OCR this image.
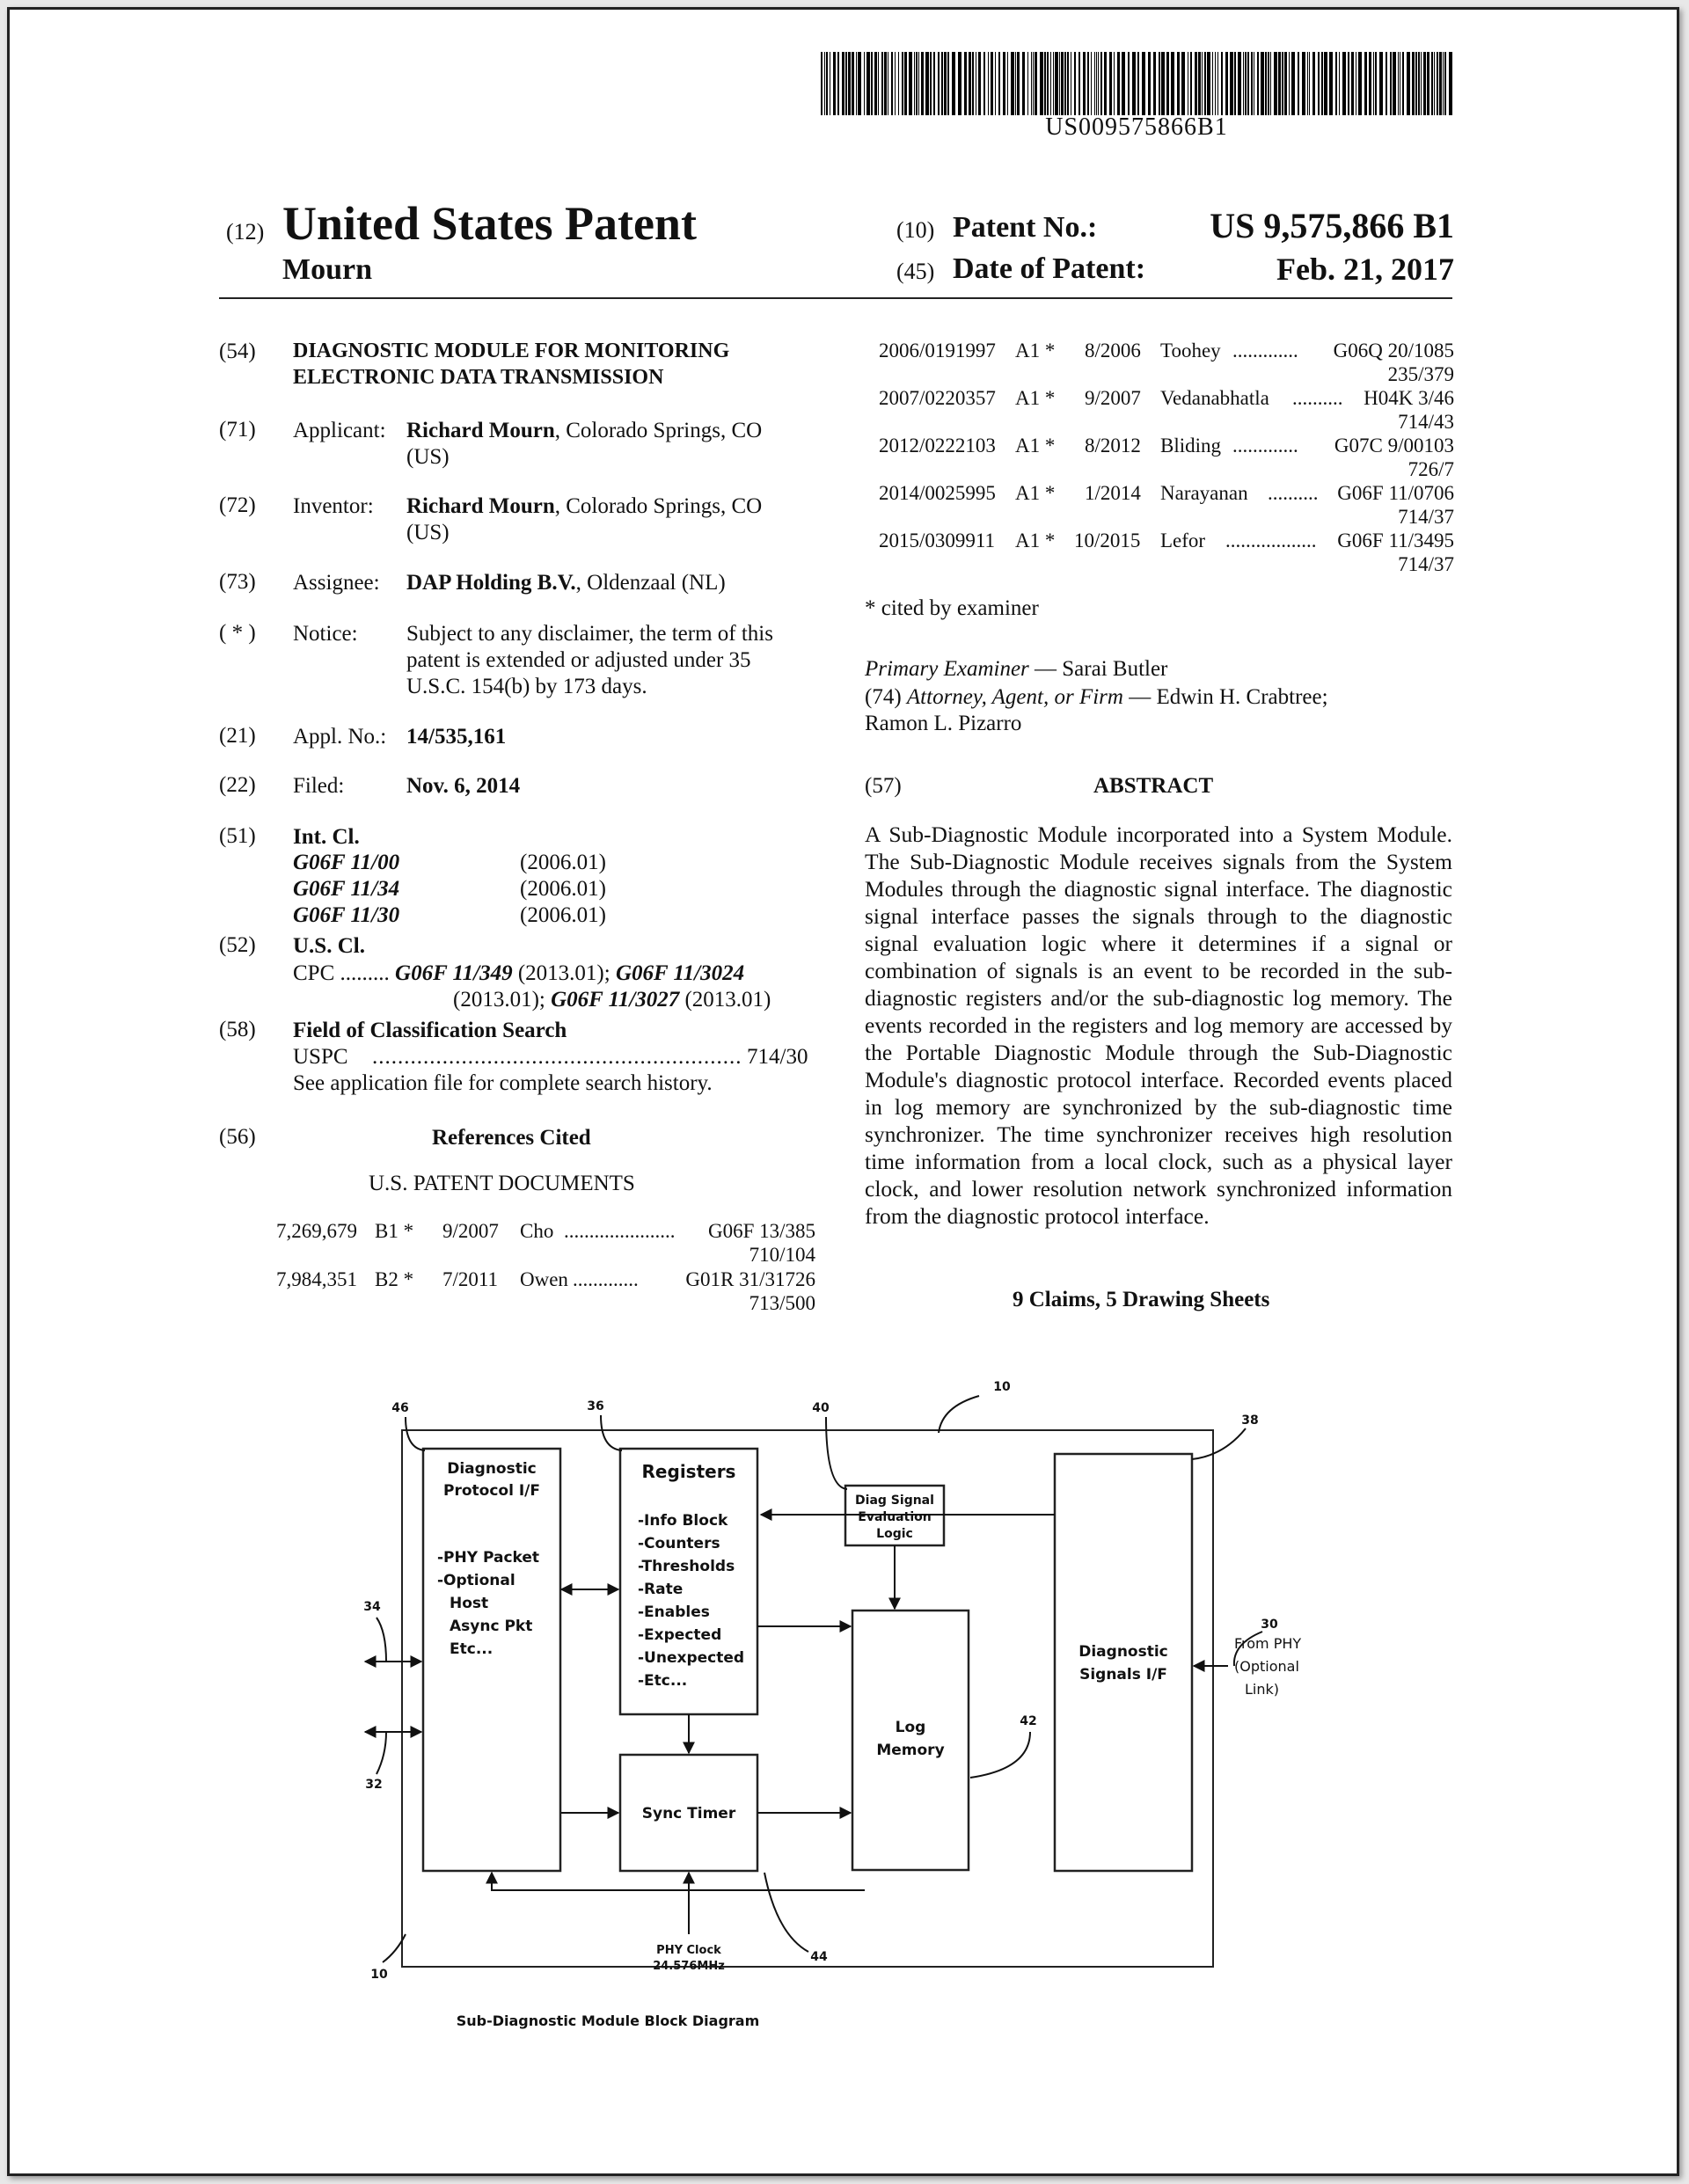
US009575866B1
(12) United States Patent
Mourn
(10) Patent No.:	US 9,575,866 B1
(45) Date of Patent:	Feb. 21, 2017
(54) DIAGNOSTIC MODULE FOR MONITORING
ELECTRONIC DATA TRANSMISSION
(71) Applicant: Richard Mourn, Colorado Springs, CO
(US)
(72) Inventor: Richard Mourn, Colorado Springs, CO
(US)
(73) Assignee: DAP Holding B.V., Oldenzaal (NL)
( * ) Notice: Subject to any disclaimer, the term of this
patent is extended or adjusted under 35
U.S.C. 154(b) by 173 days.
(21) Appl. No.: 14/535,161
(22) Filed:	Nov. 6, 2014
(51) Int. Cl.
G06F 11/00	(2006.01)
G06F 11/34	(2006.01)
G06F 11/30	(2006.01)
(52) U.S. Cl.
CPC ......... G06F 11/349 (2013.01); G06F 11/3024
(2013.01); G06F 11/3027 (2013.01)
(58) Field of Classification Search
USPC .......................................................... 714/30
See application file for complete search history.
(56)	References Cited
U.S. PATENT DOCUMENTS
7,269,679 B1 * 9/2007 Cho ...................... G06F 13/385
710/104
7,984,351 B2 * 7/2011 Owen ............. G01R 31/31726
713/500
2006/0191997 A1 * 8/2006 Toohey ............. G06Q 20/1085
235/379
2007/0220357 A1 * 9/2007 Vedanabhatla .......... H04K 3/46
714/43
2012/0222103 A1 * 8/2012 Bliding ............. G07C 9/00103
726/7
2014/0025995 A1 * 1/2014 Narayanan .......... G06F 11/0706
714/37
2015/0309911 A1 * 10/2015 Lefor .................. G06F 11/3495
714/37
* cited by examiner
Primary Examiner — Sarai Butler
(74) Attorney, Agent, or Firm — Edwin H. Crabtree;
Ramon L. Pizarro
(57)	ABSTRACT
A Sub-Diagnostic Module incorporated into a System Module. The Sub-Diagnostic Module receives signals from the System Modules through the diagnostic signal interface. The diagnostic signal interface passes the signals through to the diagnostic signal evaluation logic where it determines if a signal or combination of signals is an event to be recorded in the sub-diagnostic registers and/or the sub-diagnostic log memory. The events recorded in the registers and log memory are accessed by the Portable Diagnostic Module through the Sub-Diagnostic Module's diagnostic protocol interface. Recorded events placed in log memory are synchronized by the sub-diagnostic time synchronizer. The time synchronizer receives high resolution time information from a local clock, such as a physical layer clock, and lower resolution network synchronized information from the diagnostic protocol interface.
9 Claims, 5 Drawing Sheets
Diagnostic
Protocol I/F
-PHY Packet
-Optional
Host
Async Pkt
Etc...
Registers
-Info Block
-Counters
-Thresholds
-Rate
-Enables
-Expected
-Unexpected
-Etc...
Diag Signal
Evaluation
Logic
Log
Memory
Sync Timer
Diagnostic
Signals I/F
From PHY
(Optional
Link)
PHY Clock
24.576MHz
46	36	40
10
38
34
30
42
32
44
10
Sub-Diagnostic Module Block Diagram
